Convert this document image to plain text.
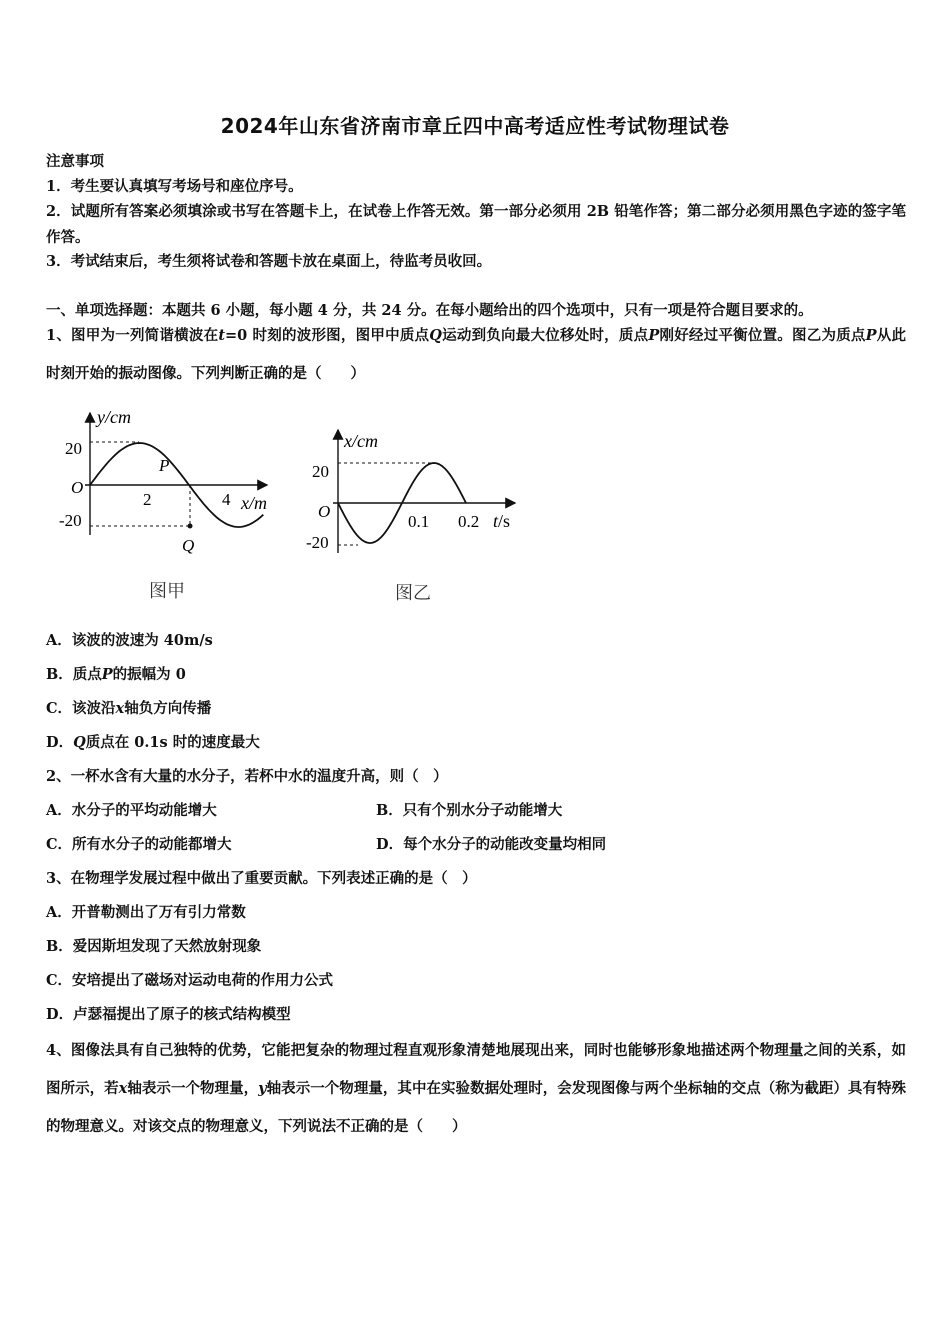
2024年山东省济南市章丘四中高考适应性考试物理试卷
注意事项
1．考生要认真填写考场号和座位序号。
2．试题所有答案必须填涂或书写在答题卡上，在试卷上作答无效。第一部分必须用 2B 铅笔作答；第二部分必须用黑色字迹的签字笔作答。
3．考试结束后，考生须将试卷和答题卡放在桌面上，待监考员收回。
一、单项选择题：本题共 6 小题，每小题 4 分，共 24 分。在每小题给出的四个选项中，只有一项是符合题目要求的。
1、图甲为一列简谐横波在t=0 时刻的波形图，图甲中质点Q运动到负向最大位移处时，质点P刚好经过平衡位置。图乙为质点P从此时刻开始的振动图像。下列判断正确的是（　　）
y/cm
20
-20
O
P
2	4 x/m
Q
图甲
x/cm
20
-20
O
0.1 0.2 t/s
图乙
A．该波的波速为 40m/s
B．质点P的振幅为 0
C．该波沿x轴负方向传播
D．Q质点在 0.1s 时的速度最大
2、一杯水含有大量的水分子，若杯中水的温度升高，则（　）
A．水分子的平均动能增大	B．只有个别水分子动能增大
C．所有水分子的动能都增大	D．每个水分子的动能改变量均相同
3、在物理学发展过程中做出了重要贡献。下列表述正确的是（　）
A．开普勒测出了万有引力常数
B．爱因斯坦发现了天然放射现象
C．安培提出了磁场对运动电荷的作用力公式
D．卢瑟福提出了原子的核式结构模型
4、图像法具有自己独特的优势，它能把复杂的物理过程直观形象清楚地展现出来，同时也能够形象地描述两个物理量之间的关系，如图所示，若x轴表示一个物理量，y轴表示一个物理量，其中在实验数据处理时，会发现图像与两个坐标轴的交点（称为截距）具有特殊的物理意义。对该交点的物理意义，下列说法不正确的是（　　）
